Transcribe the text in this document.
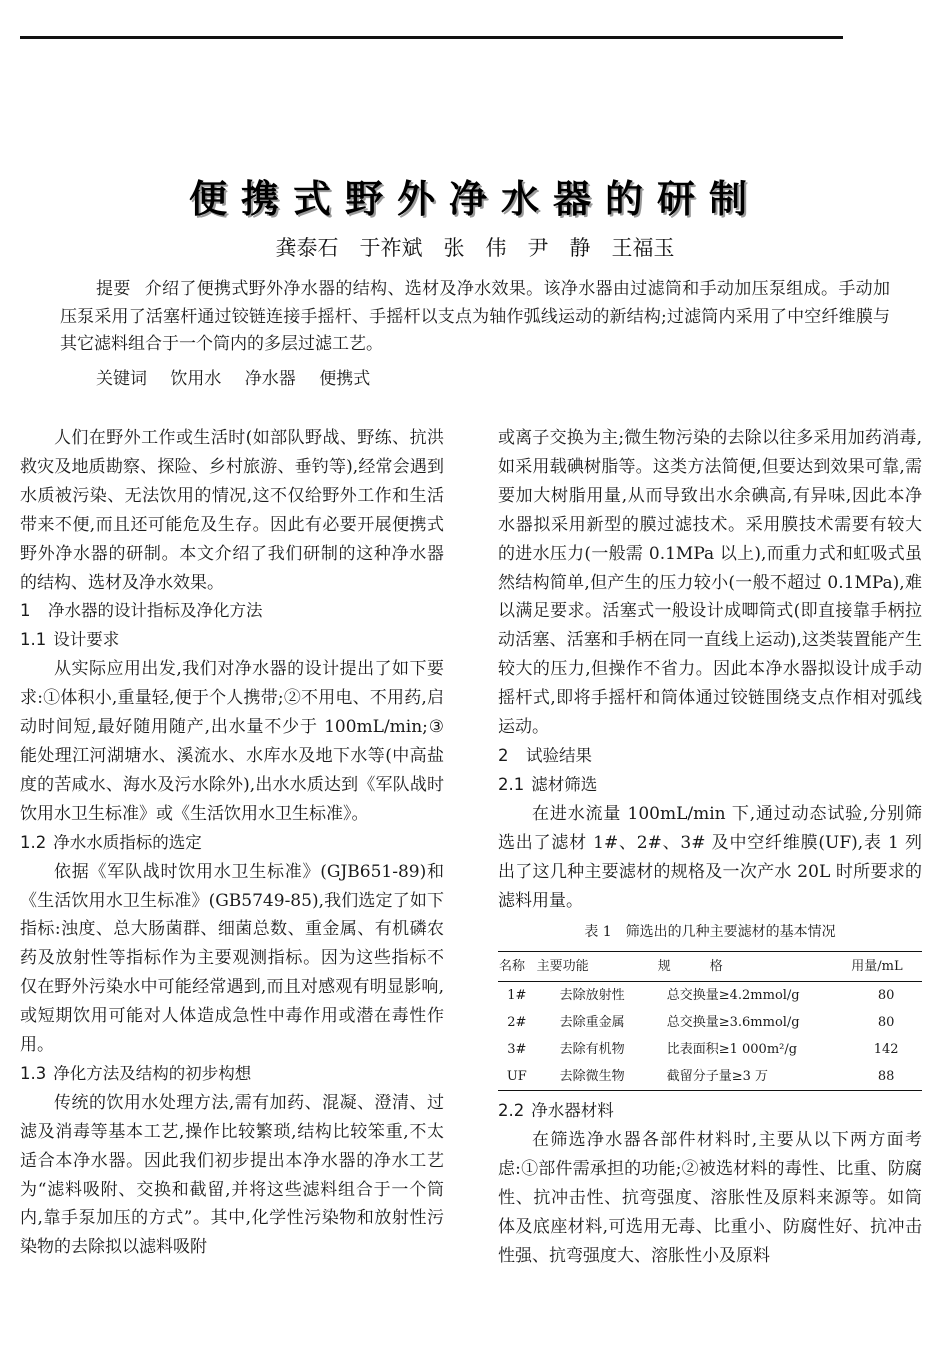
便携式野外净水器的研制
龚泰石　于祚斌　张　伟　尹　静　王福玉
提要 介绍了便携式野外净水器的结构、选材及净水效果。该净水器由过滤筒和手动加压泵组成。手动加压泵采用了活塞杆通过铰链连接手摇杆、手摇杆以支点为轴作弧线运动的新结构;过滤筒内采用了中空纤维膜与其它滤料组合于一个筒内的多层过滤工艺。
关键词 饮用水 净水器 便携式

人们在野外工作或生活时(如部队野战、野练、抗洪救灾及地质勘察、探险、乡村旅游、垂钓等),经常会遇到水质被污染、无法饮用的情况,这不仅给野外工作和生活带来不便,而且还可能危及生存。因此有必要开展便携式野外净水器的研制。本文介绍了我们研制的这种净水器的结构、选材及净水效果。

1 净水器的设计指标及净化方法

1.1 设计要求

从实际应用出发,我们对净水器的设计提出了如下要求:①体积小,重量轻,便于个人携带;②不用电、不用药,启动时间短,最好随用随产,出水量不少于 100mL/min;③能处理江河湖塘水、溪流水、水库水及地下水等(中高盐度的苦咸水、海水及污水除外),出水水质达到《军队战时饮用水卫生标准》或《生活饮用水卫生标准》。

1.2 净水水质指标的选定

依据《军队战时饮用水卫生标准》(GJB651-89)和《生活饮用水卫生标准》(GB5749-85),我们选定了如下指标:浊度、总大肠菌群、细菌总数、重金属、有机磷农药及放射性等指标作为主要观测指标。因为这些指标不仅在野外污染水中可能经常遇到,而且对感观有明显影响,或短期饮用可能对人体造成急性中毒作用或潜在毒性作用。

1.3 净化方法及结构的初步构想

传统的饮用水处理方法,需有加药、混凝、澄清、过滤及消毒等基本工艺,操作比较繁琐,结构比较笨重,不太适合本净水器。因此我们初步提出本净水器的净水工艺为“滤料吸附、交换和截留,并将这些滤料组合于一个筒内,靠手泵加压的方式”。其中,化学性污染物和放射性污染物的去除拟以滤料吸附

或离子交换为主;微生物污染的去除以往多采用加药消毒,如采用载碘树脂等。这类方法简便,但要达到效果可靠,需要加大树脂用量,从而导致出水余碘高,有异味,因此本净水器拟采用新型的膜过滤技术。采用膜技术需要有较大的进水压力(一般需 0.1MPa 以上),而重力式和虹吸式虽然结构简单,但产生的压力较小(一般不超过 0.1MPa),难以满足要求。活塞式一般设计成唧筒式(即直接靠手柄拉动活塞、活塞和手柄在同一直线上运动),这类装置能产生较大的压力,但操作不省力。因此本净水器拟设计成手动摇杆式,即将手摇杆和筒体通过铰链围绕支点作相对弧线运动。

2 试验结果

2.1 滤材筛选

在进水流量 100mL/min 下,通过动态试验,分别筛选出了滤材 1#、2#、3# 及中空纤维膜(UF),表 1 列出了这几种主要滤材的规格及一次产水 20L 时所要求的滤料用量。

表 1　筛选出的几种主要滤材的基本情况
名称	主要功能	规　　　格	用量/mL
1#	去除放射性	总交换量≥4.2mmol/g	80
2#	去除重金属	总交换量≥3.6mmol/g	80
3#	去除有机物	比表面积≥1 000m²/g	142
UF	去除微生物	截留分子量≥3 万	88

2.2 净水器材料

在筛选净水器各部件材料时,主要从以下两方面考虑:①部件需承担的功能;②被选材料的毒性、比重、防腐性、抗冲击性、抗弯强度、溶胀性及原料来源等。如筒体及底座材料,可选用无毒、比重小、防腐性好、抗冲击性强、抗弯强度大、溶胀性小及原料
